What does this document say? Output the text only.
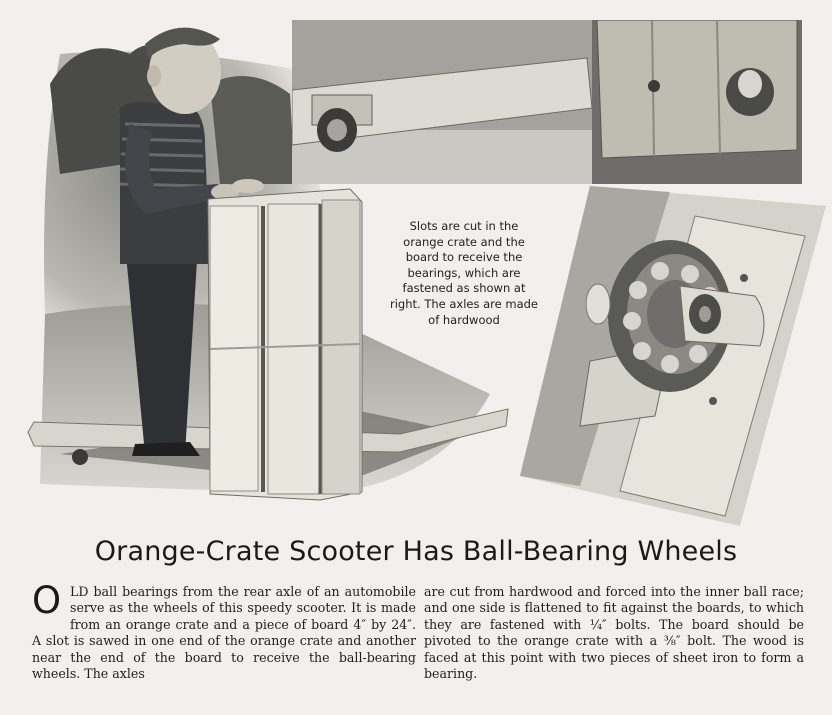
Slots are cut in the orange crate and the board to receive the bearings, which are fastened as shown at right. The axles are made of hardwood
Orange-Crate Scooter Has Ball-Bearing Wheels
O LD ball bearings from the rear axle of an automobile serve as the wheels of this speedy scooter. It is made from an orange crate and a piece of board 4″ by 24″. A slot is sawed in one end of the orange crate and another near the end of the board to receive the ball-bearing wheels. The axles
are cut from hardwood and forced into the inner ball race; and one side is flattened to fit against the boards, to which they are fastened with ¼″ bolts. The board should be pivoted to the orange crate with a ⅜″ bolt. The wood is faced at this point with two pieces of sheet iron to form a bearing.
